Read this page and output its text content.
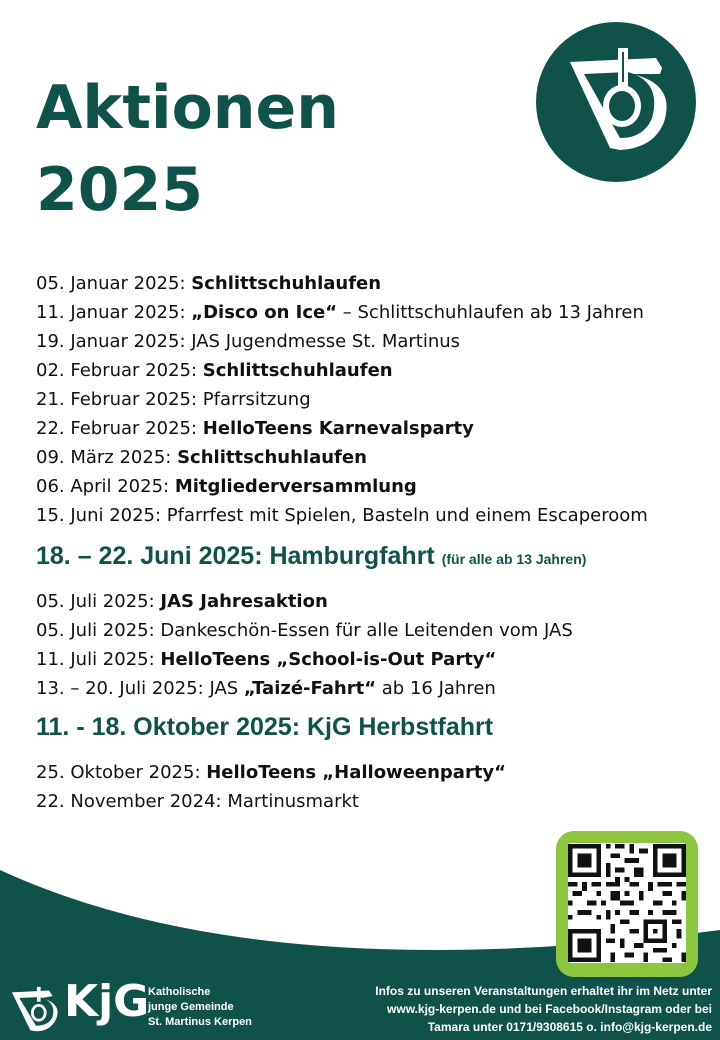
Aktionen
2025
05. Januar 2025: Schlittschuhlaufen
11. Januar 2025: „Disco on Ice“ – Schlittschuhlaufen ab 13 Jahren
19. Januar 2025: JAS Jugendmesse St. Martinus
02. Februar 2025: Schlittschuhlaufen
21. Februar 2025: Pfarrsitzung
22. Februar 2025: HelloTeens Karnevalsparty
09. März 2025: Schlittschuhlaufen
06. April 2025: Mitgliederversammlung
15. Juni 2025: Pfarrfest mit Spielen, Basteln und einem Escaperoom
18. – 22. Juni 2025: Hamburgfahrt (für alle ab 13 Jahren)
05. Juli 2025: JAS Jahresaktion
05. Juli 2025: Dankeschön-Essen für alle Leitenden vom JAS
11. Juli 2025: HelloTeens „School-is-Out Party“
13. – 20. Juli 2025: JAS „Taizé-Fahrt“ ab 16 Jahren
11. - 18. Oktober 2025: KjG Herbstfahrt
25. Oktober 2025: HelloTeens „Halloweenparty“
22. November 2024: Martinusmarkt
KjG
Katholische
junge Gemeinde
St. Martinus Kerpen
Infos zu unseren Veranstaltungen erhaltet ihr im Netz unter
www.kjg-kerpen.de und bei Facebook/Instagram oder bei
Tamara unter 0171/9308615 o. info@kjg-kerpen.de
